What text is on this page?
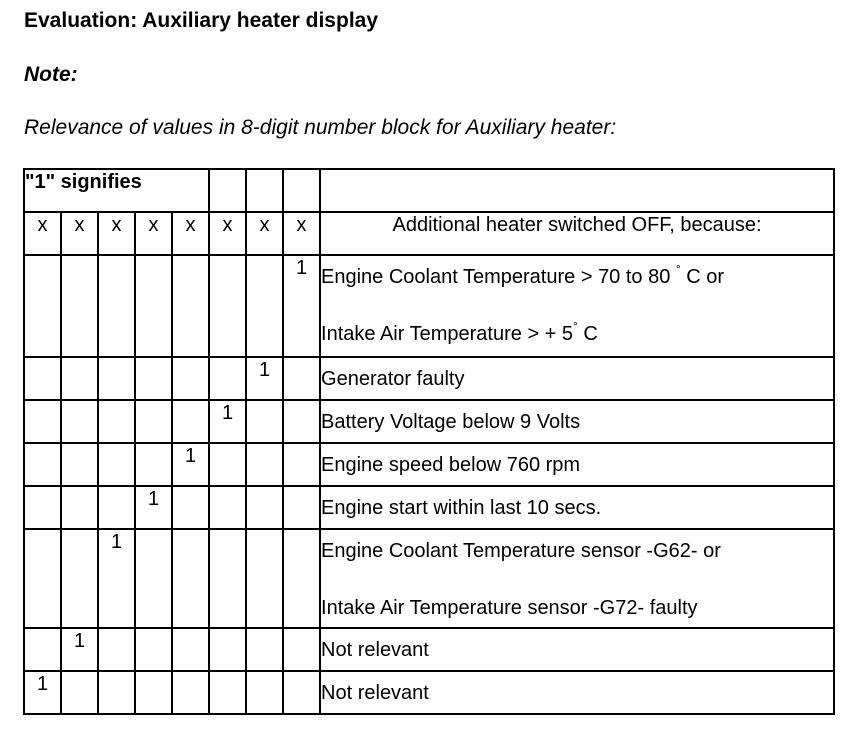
Evaluation: Auxiliary heater display
Note:
Relevance of values in 8-digit number block for Auxiliary heater:
"1" signifies								
x	x	x	x	x	x	x	x	Additional heater switched OFF, because:
							1	Engine Coolant Temperature > 70 to 80 ° C or
Intake Air Temperature > + 5° C

						1		Generator faulty
					1			Battery Voltage below 9 Volts
				1				Engine speed below 760 rpm
			1					Engine start within last 10 secs.
		1						Engine Coolant Temperature sensor -G62- or
Intake Air Temperature sensor -G72- faulty

	1							Not relevant
1								Not relevant
